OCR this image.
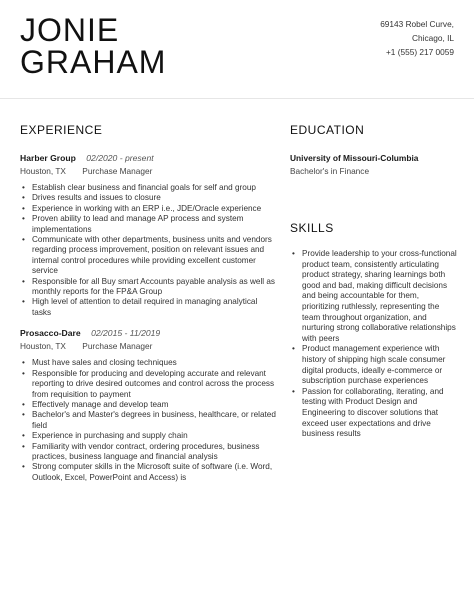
JONIE
GRAHAM
69143 Robel Curve,
Chicago, IL
+1 (555) 217 0059
EXPERIENCE
Harber Group 02/2020 - present
Houston, TX Purchase Manager
• Establish clear business and financial goals for self and group
• Drives results and issues to closure
• Experience in working with an ERP i.e., JDE/Oracle experience
• Proven ability to lead and manage AP process and system implementations
• Communicate with other departments, business units and vendors regarding process improvement, position on relevant issues and internal control procedures while providing excellent customer service
• Responsible for all Buy smart Accounts payable analysis as well as monthly reports for the FP&A Group
• High level of attention to detail required in managing analytical tasks
Prosacco-Dare 02/2015 - 11/2019
Houston, TX Purchase Manager
• Must have sales and closing techniques
• Responsible for producing and developing accurate and relevant reporting to drive desired outcomes and control across the process from requisition to payment
• Effectively manage and develop team
• Bachelor's and Master's degrees in business, healthcare, or related field
• Experience in purchasing and supply chain
• Familiarity with vendor contract, ordering procedures, business practices, business language and financial analysis
• Strong computer skills in the Microsoft suite of software (i.e. Word, Outlook, Excel, PowerPoint and Access) is
EDUCATION
University of Missouri-Columbia
Bachelor's in Finance
SKILLS
• Provide leadership to your cross-functional product team, consistently articulating product strategy, sharing learnings both good and bad, making difficult decisions and being accountable for them, prioritizing ruthlessly, representing the team throughout organization, and nurturing strong collaborative relationships with peers
• Product management experience with history of shipping high scale consumer digital products, ideally e-commerce or subscription purchase experiences
• Passion for collaborating, iterating, and testing with Product Design and Engineering to discover solutions that exceed user expectations and drive business results
